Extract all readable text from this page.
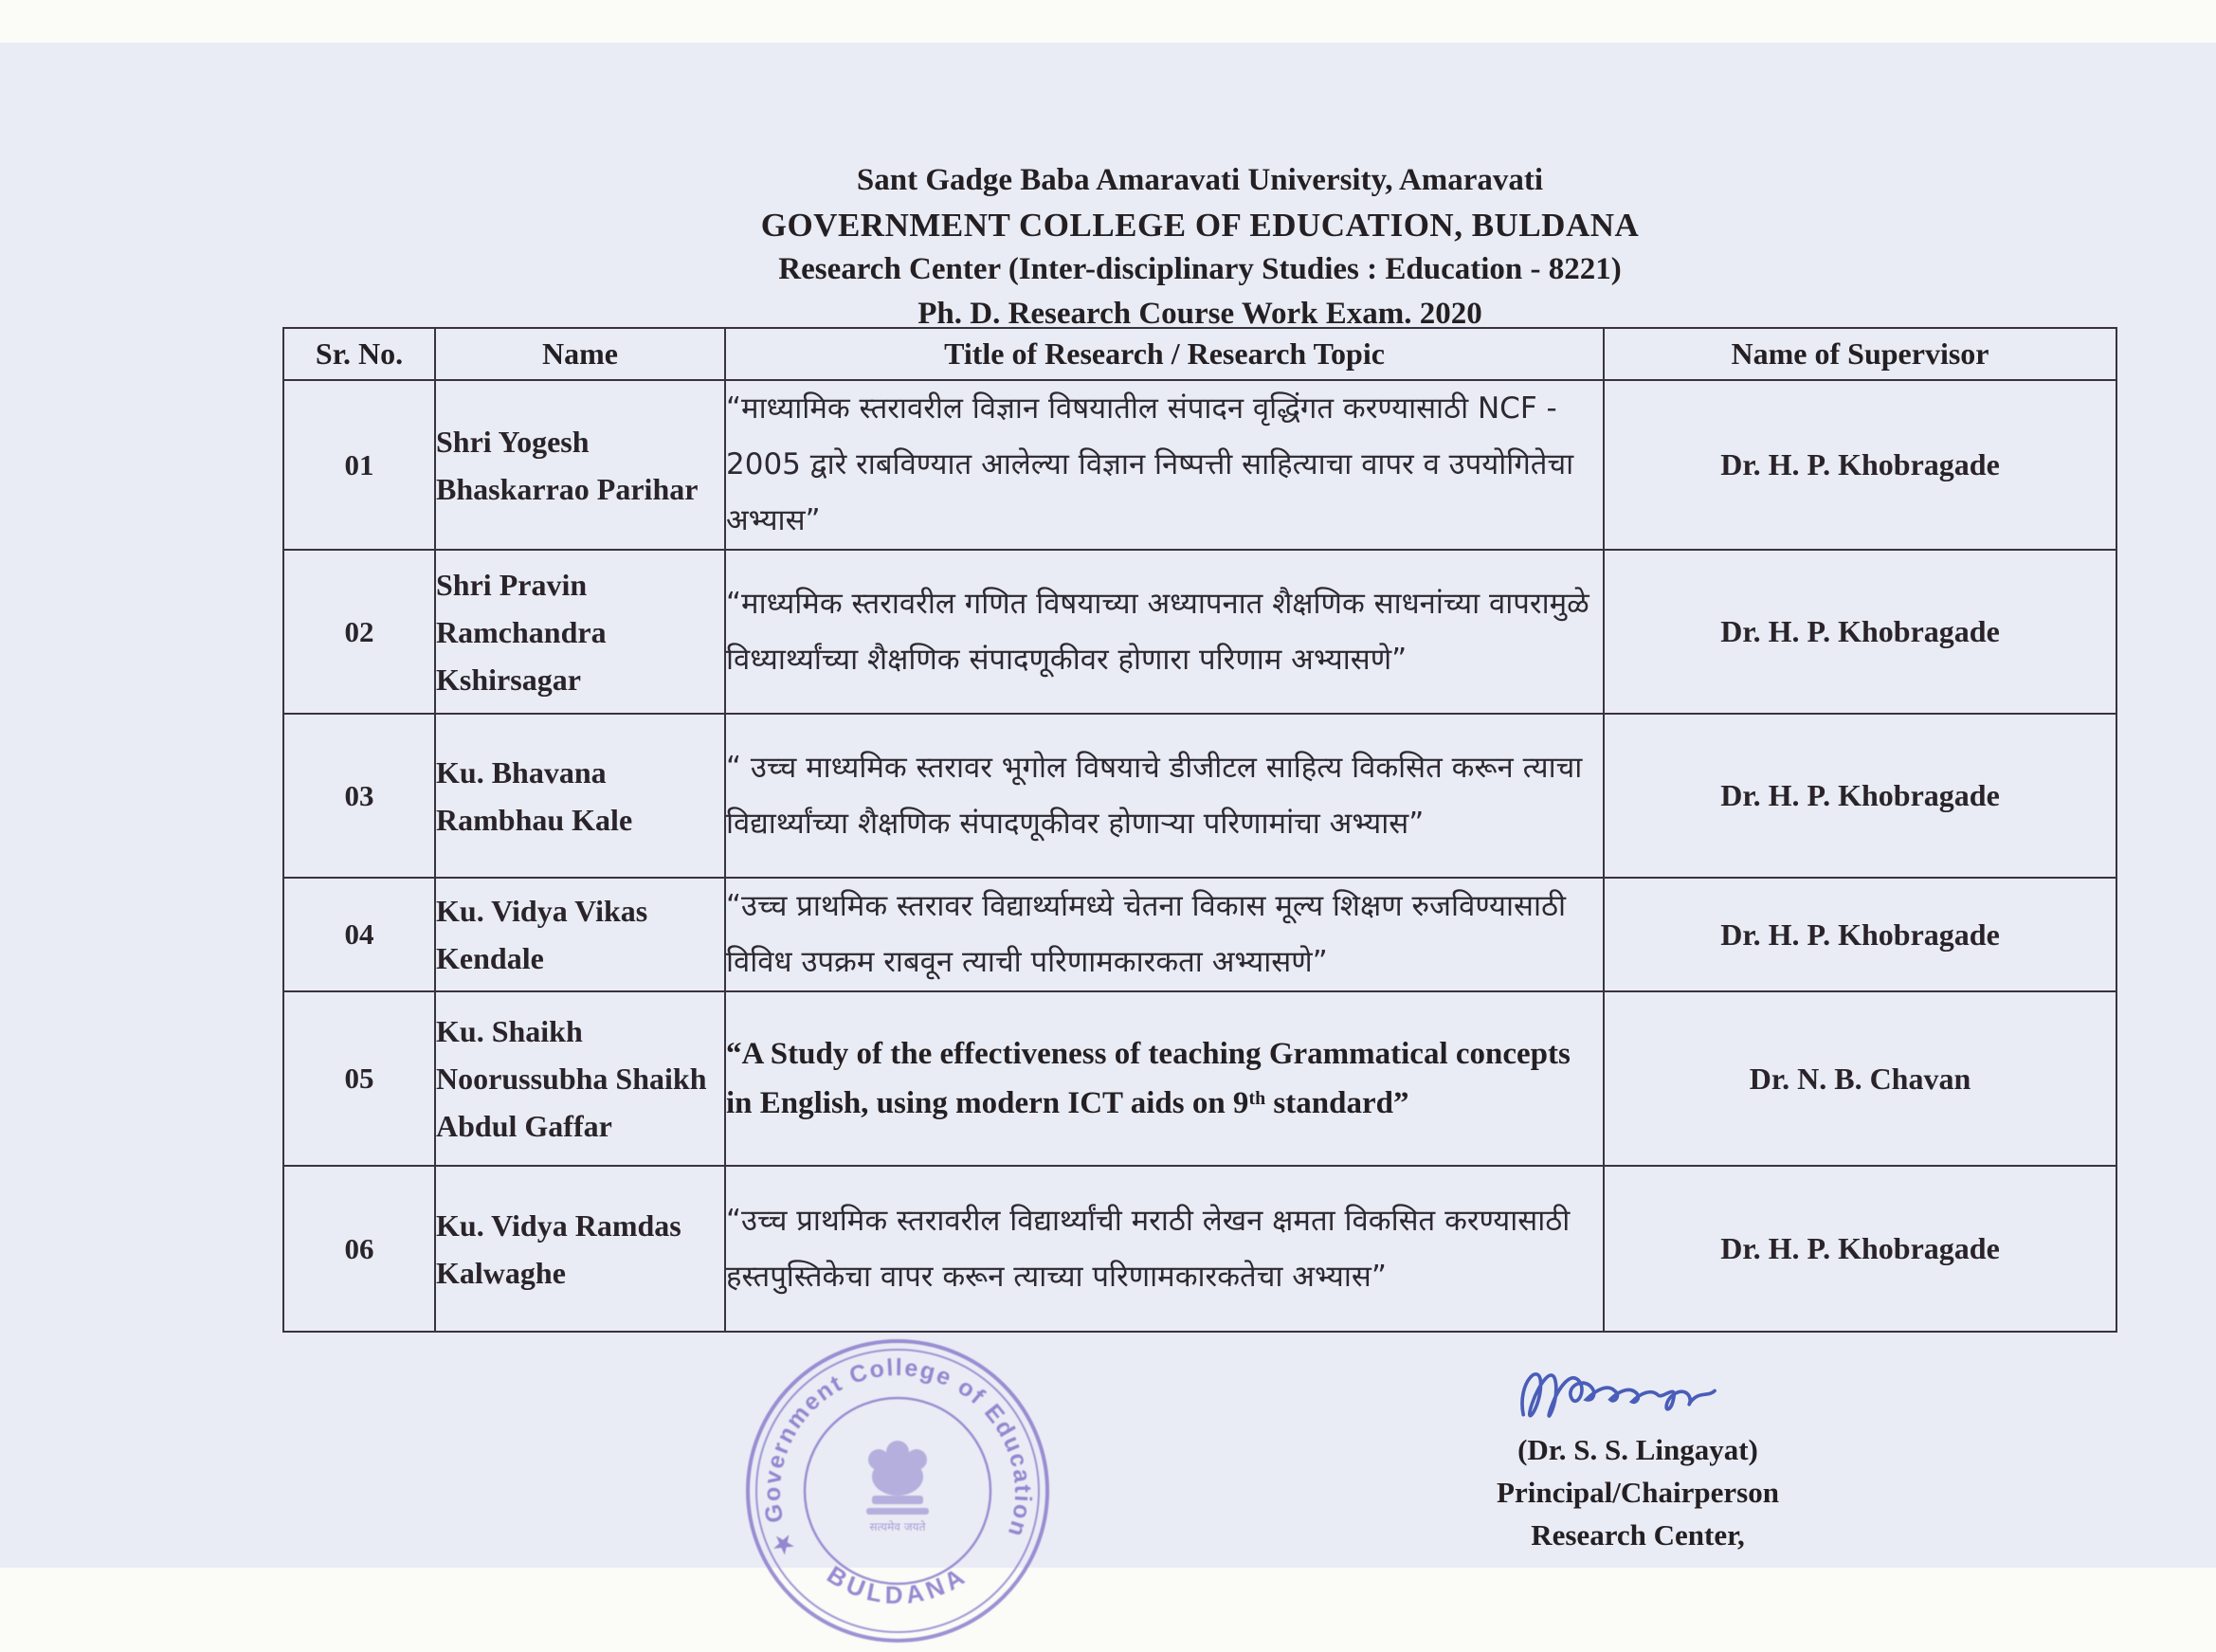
Sant Gadge Baba Amaravati University, Amaravati
GOVERNMENT COLLEGE OF EDUCATION, BULDANA
Research Center (Inter-disciplinary Studies : Education - 8221)
Ph. D. Research Course Work Exam. 2020
Sr. No.	Name	Title of Research / Research Topic	Name of Supervisor
01	Shri Yogesh Bhaskarrao Parihar	“माध्यामिक स्तरावरील विज्ञान विषयातील संपादन वृद्धिंगत करण्यासाठी NCF - 2005 द्वारे राबविण्यात आलेल्या विज्ञान निष्पत्ती साहित्याचा वापर व उपयोगितेचा अभ्यास”	Dr. H. P. Khobragade
02	Shri Pravin Ramchandra Kshirsagar	“माध्यमिक स्तरावरील गणित विषयाच्या अध्यापनात शैक्षणिक साधनांच्या वापरामुळे विध्यार्थ्यांच्या शैक्षणिक संपादणूकीवर होणारा परिणाम अभ्यासणे”	Dr. H. P. Khobragade
03	Ku. Bhavana Rambhau Kale	“ उच्च माध्यमिक स्तरावर भूगोल विषयाचे डीजीटल साहित्य विकसित करून त्याचा विद्यार्थ्यांच्या शैक्षणिक संपादणूकीवर होणाऱ्या परिणामांचा अभ्यास”	Dr. H. P. Khobragade
04	Ku. Vidya Vikas Kendale	“उच्च प्राथमिक स्तरावर विद्यार्थ्यामध्ये चेतना विकास मूल्य शिक्षण रुजविण्यासाठी विविध उपक्रम राबवून त्याची परिणामकारकता अभ्यासणे”	Dr. H. P. Khobragade
05	Ku. Shaikh Noorussubha Shaikh Abdul Gaffar	“A Study of the effectiveness of teaching Grammatical concepts in English, using modern ICT aids on 9ᵗʰ standard”	Dr. N. B. Chavan
06	Ku. Vidya Ramdas Kalwaghe	“उच्च प्राथमिक स्तरावरील विद्यार्थ्यांची मराठी लेखन क्षमता विकसित करण्यासाठी हस्तपुस्तिकेचा वापर करून त्याच्या परिणामकारकतेचा अभ्यास”	Dr. H. P. Khobragade
★ Government College of Education
BULDANA
सत्यमेव जयते
(Dr. S. S. Lingayat)
Principal/Chairperson
Research Center,
